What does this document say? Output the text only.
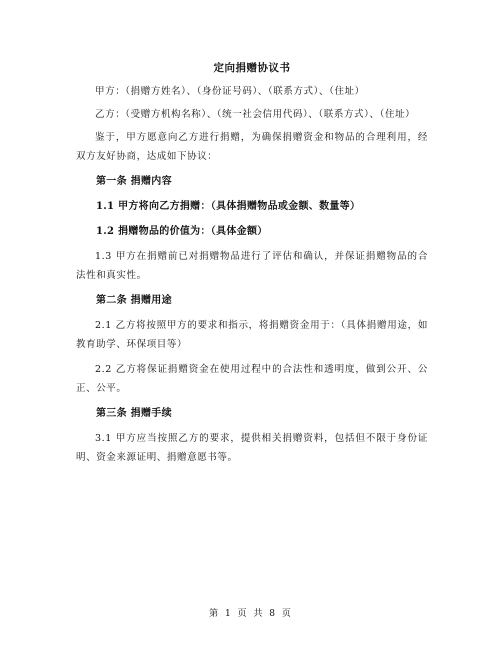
定向捐赠协议书

甲方：（捐赠方姓名）、（身份证号码）、（联系方式）、（住址）

乙方：（受赠方机构名称）、（统一社会信用代码）、（联系方式）、（住址）

鉴于，甲方愿意向乙方进行捐赠，为确保捐赠资金和物品的合理利用，经双方友好协商，达成如下协议：

第一条 捐赠内容
1.1 甲方将向乙方捐赠：（具体捐赠物品或金额、数量等）
1.2 捐赠物品的价值为：（具体金额）

1.3 甲方在捐赠前已对捐赠物品进行了评估和确认，并保证捐赠物品的合法性和真实性。

第二条 捐赠用途

2.1 乙方将按照甲方的要求和指示，将捐赠资金用于：（具体捐赠用途，如教育助学、环保项目等）

2.2 乙方将保证捐赠资金在使用过程中的合法性和透明度，做到公开、公正、公平。

第三条 捐赠手续

3.1 甲方应当按照乙方的要求，提供相关捐赠资料，包括但不限于身份证明、资金来源证明、捐赠意愿书等。

第 1 页 共 8 页
